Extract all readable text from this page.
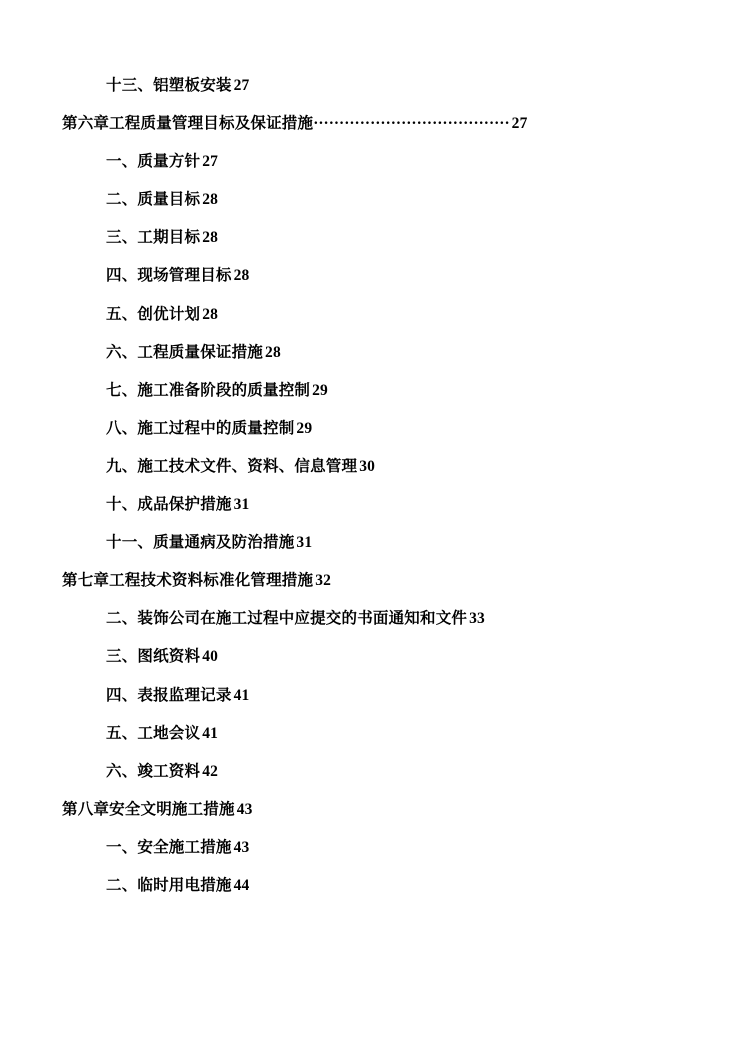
十三、铝塑板安装 27
第六章工程质量管理目标及保证措施······································ 27
一、质量方针 27
二、质量目标 28
三、工期目标 28
四、现场管理目标 28
五、创优计划 28
六、工程质量保证措施 28
七、施工准备阶段的质量控制 29
八、施工过程中的质量控制 29
九、施工技术文件、资料、信息管理 30
十、成品保护措施 31
十一、质量通病及防治措施 31
第七章工程技术资料标准化管理措施 32
二、装饰公司在施工过程中应提交的书面通知和文件 33
三、图纸资料 40
四、表报监理记录 41
五、工地会议 41
六、竣工资料 42
第八章安全文明施工措施 43
一、安全施工措施 43
二、临时用电措施 44
